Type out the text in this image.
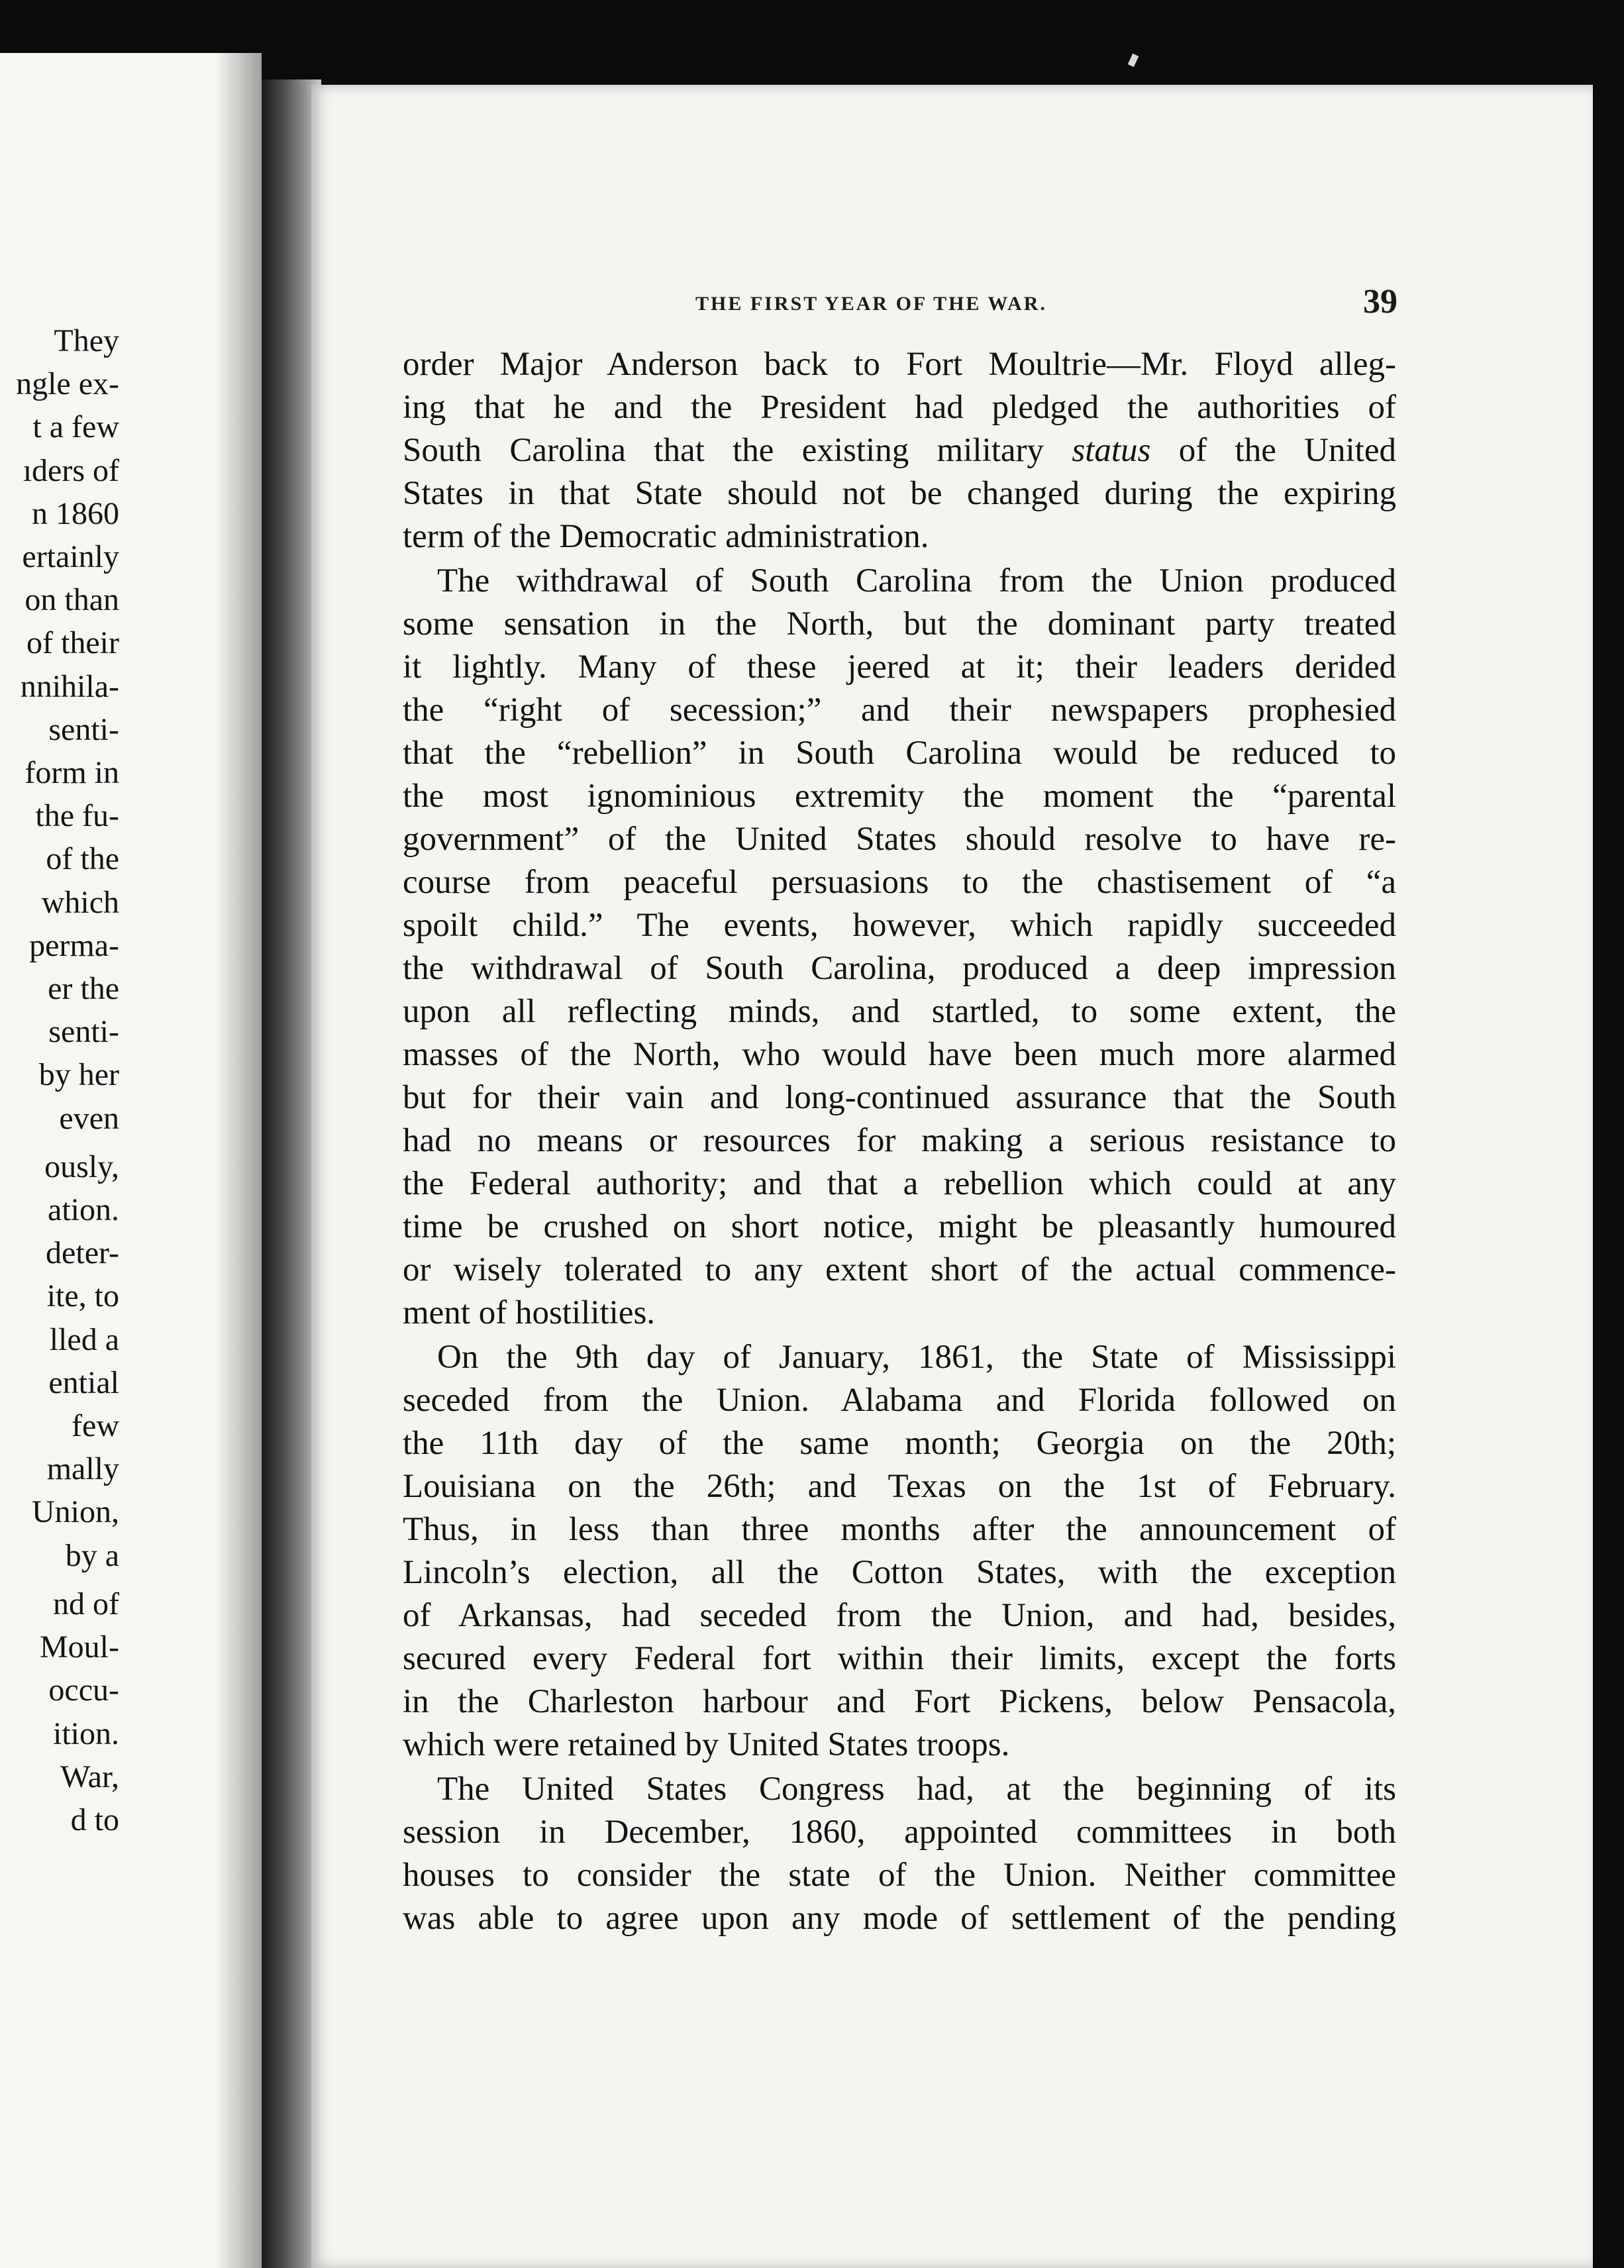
They
ngle ex-
t a few
ıders of
n 1860
ertainly
on than
of their
nnihila-
senti-
form in
the fu-
of the
which
perma-
er the
senti-
by her
even
ously,
ation.
deter-
ite, to
lled a
ential
few
mally
Union,
by a
nd of
Moul-
occu-
ition.
War,
d to
THE FIRST YEAR OF THE WAR.	39
order Major Anderson back to Fort Moultrie—Mr. Floyd alleg-
ing that he and the President had pledged the authorities of
South Carolina that the existing military status of the United
States in that State should not be changed during the expiring
term of the Democratic administration.
The withdrawal of South Carolina from the Union produced
some sensation in the North, but the dominant party treated
it lightly. Many of these jeered at it; their leaders derided
the “right of secession;” and their newspapers prophesied
that the “rebellion” in South Carolina would be reduced to
the most ignominious extremity the moment the “parental
government” of the United States should resolve to have re-
course from peaceful persuasions to the chastisement of “a
spoilt child.” The events, however, which rapidly succeeded
the withdrawal of South Carolina, produced a deep impression
upon all reflecting minds, and startled, to some extent, the
masses of the North, who would have been much more alarmed
but for their vain and long-continued assurance that the South
had no means or resources for making a serious resistance to
the Federal authority; and that a rebellion which could at any
time be crushed on short notice, might be pleasantly humoured
or wisely tolerated to any extent short of the actual commence-
ment of hostilities.
On the 9th day of January, 1861, the State of Mississippi
seceded from the Union. Alabama and Florida followed on
the 11th day of the same month; Georgia on the 20th;
Louisiana on the 26th; and Texas on the 1st of February.
Thus, in less than three months after the announcement of
Lincoln’s election, all the Cotton States, with the exception
of Arkansas, had seceded from the Union, and had, besides,
secured every Federal fort within their limits, except the forts
in the Charleston harbour and Fort Pickens, below Pensacola,
which were retained by United States troops.
The United States Congress had, at the beginning of its
session in December, 1860, appointed committees in both
houses to consider the state of the Union. Neither committee
was able to agree upon any mode of settlement of the pending
